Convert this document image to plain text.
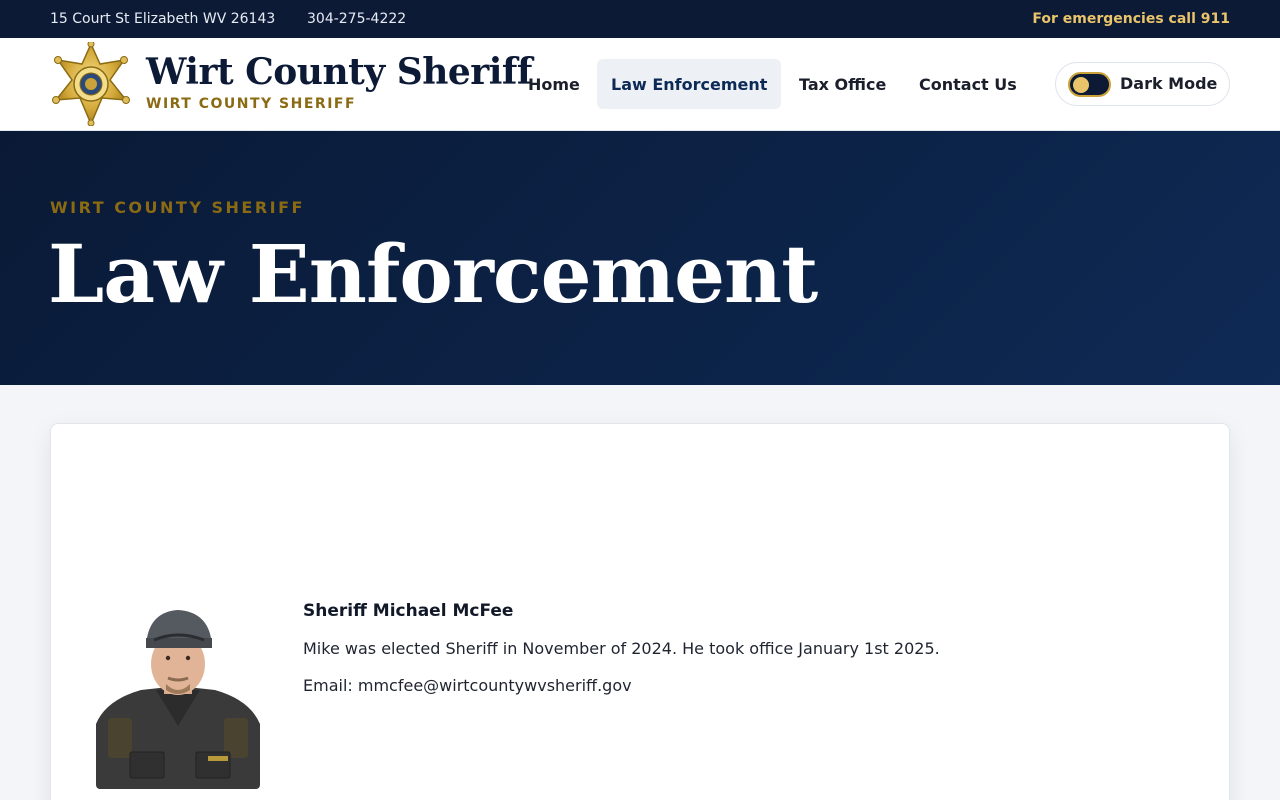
15 Court St Elizabeth WV 26143 304-275-4222	For emergencies call 911
Wirt County Sheriff
WIRT COUNTY SHERIFF
Home	Law Enforcement	Tax Office	Contact Us	Dark Mode
WIRT COUNTY SHERIFF
Law Enforcement
Sheriff Michael McFee
Mike was elected Sheriff in November of 2024. He took office January 1st 2025.
Email: mmcfee@wirtcountywvsheriff.gov
